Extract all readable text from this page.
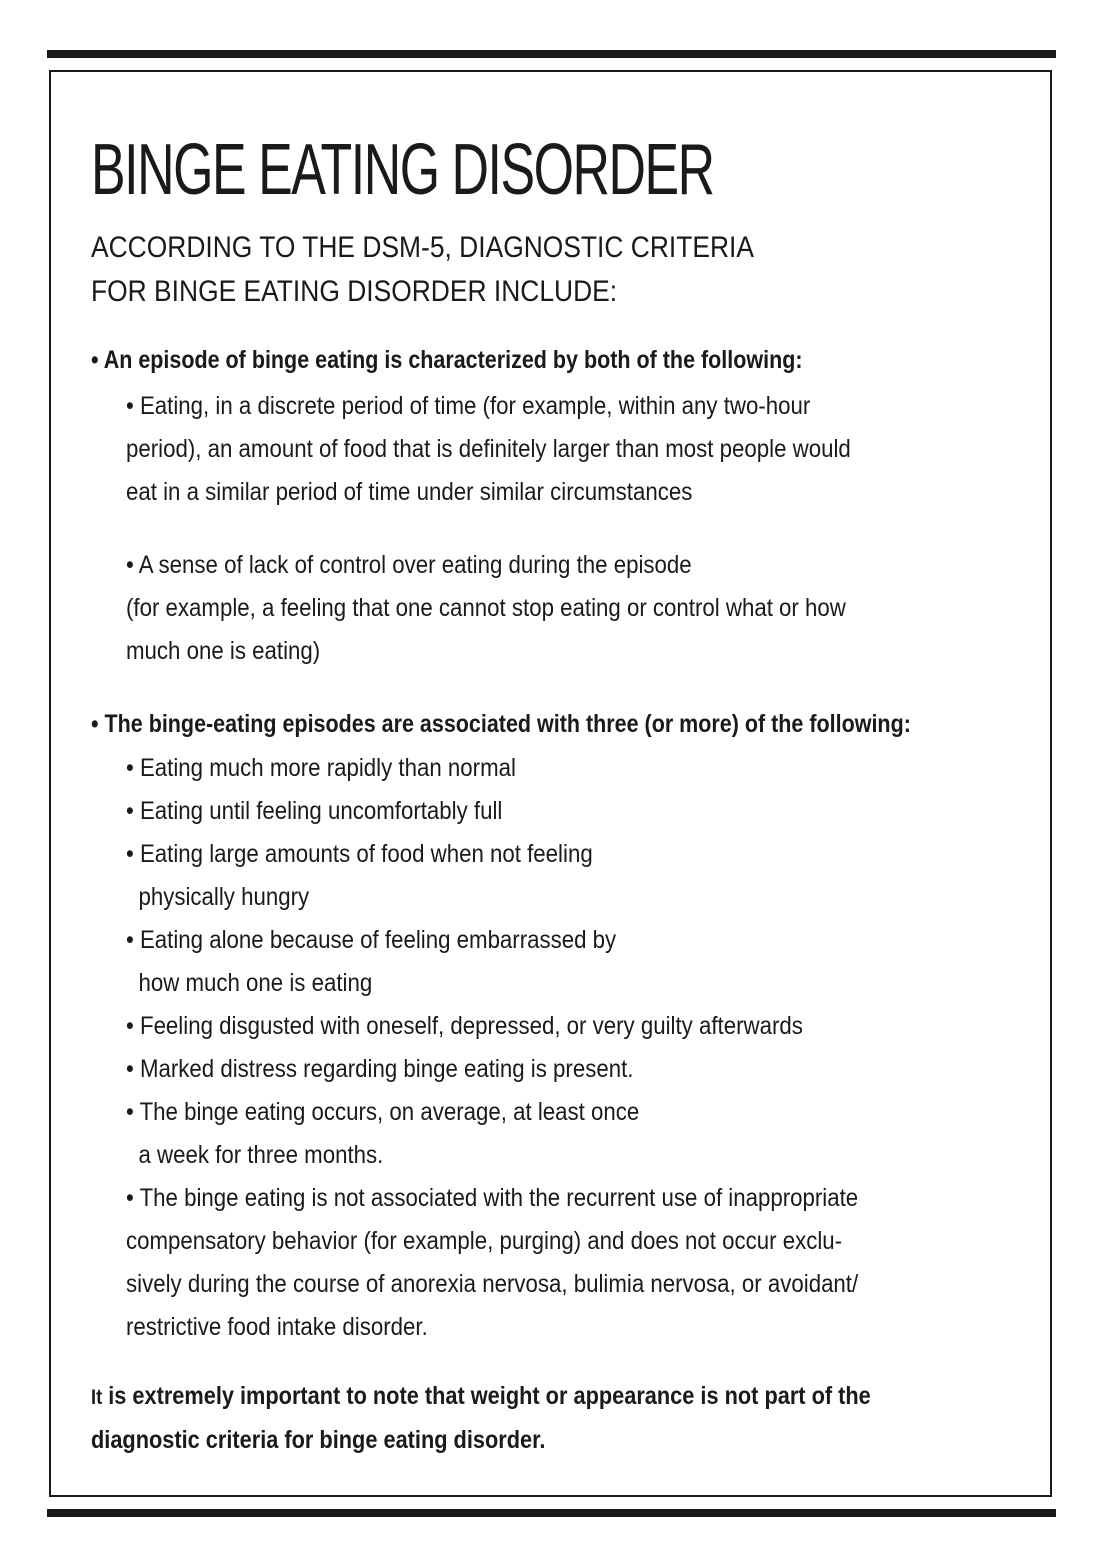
BINGE EATING DISORDER
ACCORDING TO THE DSM-5, DIAGNOSTIC CRITERIA
FOR BINGE EATING DISORDER INCLUDE:
• An episode of binge eating is characterized by both of the following:
• Eating, in a discrete period of time (for example, within any two-hour
period), an amount of food that is definitely larger than most people would
eat in a similar period of time under similar circumstances
• A sense of lack of control over eating during the episode
(for example, a feeling that one cannot stop eating or control what or how
much one is eating)
• The binge-eating episodes are associated with three (or more) of the following:
• Eating much more rapidly than normal
• Eating until feeling uncomfortably full
• Eating large amounts of food when not feeling
physically hungry
• Eating alone because of feeling embarrassed by
how much one is eating
• Feeling disgusted with oneself, depressed, or very guilty afterwards
• Marked distress regarding binge eating is present.
• The binge eating occurs, on average, at least once
a week for three months.
• The binge eating is not associated with the recurrent use of inappropriate
compensatory behavior (for example, purging) and does not occur exclu-
sively during the course of anorexia nervosa, bulimia nervosa, or avoidant/
restrictive food intake disorder.
It is extremely important to note that weight or appearance is not part of the
diagnostic criteria for binge eating disorder.
